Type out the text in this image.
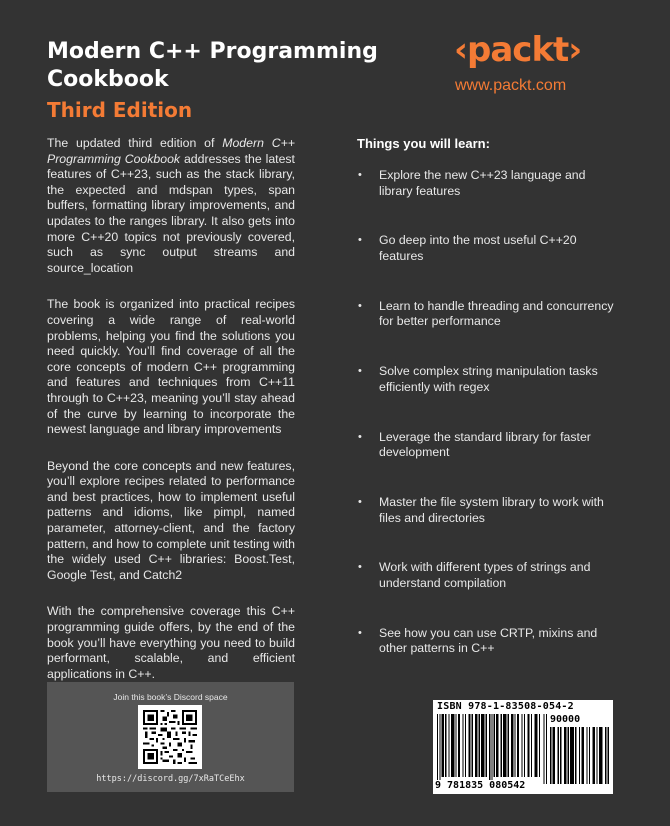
Modern C++ Programming
Cookbook
Third Edition
‹packt›
www.packt.com

The updated third edition of Modern C++ Programming Cookbook addresses the latest features of C++23, such as the stack library, the expected and mdspan types, span buffers, formatting library improvements, and updates to the ranges library. It also gets into more C++20 topics not previously covered, such as sync output streams and source_location

The book is organized into practical recipes covering a wide range of real-world problems, helping you find the solutions you need quickly. You’ll find coverage of all the core concepts of modern C++ programming and features and techniques from C++11 through to C++23, meaning you’ll stay ahead of the curve by learning to incorporate the newest language and library improvements

Beyond the core concepts and new features, you’ll explore recipes related to performance and best practices, how to implement useful patterns and idioms, like pimpl, named parameter, attorney-client, and the factory pattern, and how to complete unit testing with the widely used C++ libraries: Boost.Test, Google Test, and Catch2

With the comprehensive coverage this C++ programming guide offers, by the end of the book you’ll have everything you need to build performant, scalable, and efficient applications in C++.

Things you will learn:
• Explore the new C++23 language and library features
• Go deep into the most useful C++20 features
• Learn to handle threading and concurrency for better performance
• Solve complex string manipulation tasks efficiently with regex
• Leverage the standard library for faster development
• Master the file system library to work with files and directories
• Work with different types of strings and understand compilation
• See how you can use CRTP, mixins and other patterns in C++
Join this book’s Discord space
https://discord.gg/7xRaTCeEhx
ISBN 978-1-83508-054-2
90000
9 781835 080542
